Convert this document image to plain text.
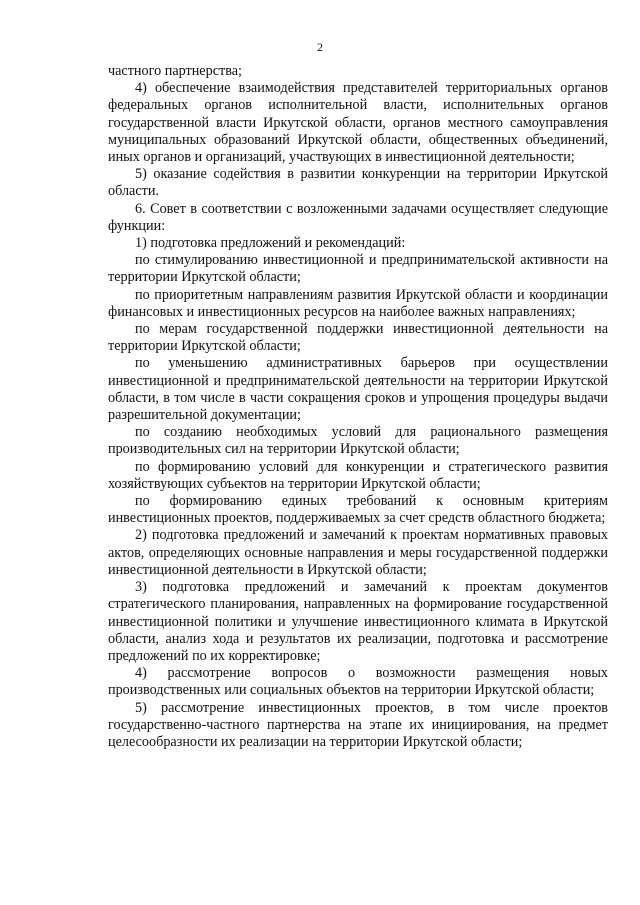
2

частного партнерства;

4) обеспечение взаимодействия представителей территориальных органов федеральных органов исполнительной власти, исполнительных органов государственной власти Иркутской области, органов местного самоуправления муниципальных образований Иркутской области, общественных объединений, иных органов и организаций, участвующих в инвестиционной деятельности;

5) оказание содействия в развитии конкуренции на территории Иркутской области.

6. Совет в соответствии с возложенными задачами осуществляет следующие функции:

1) подготовка предложений и рекомендаций:

по стимулированию инвестиционной и предпринимательской активности на территории Иркутской области;

по приоритетным направлениям развития Иркутской области и координации финансовых и инвестиционных ресурсов на наиболее важных направлениях;

по мерам государственной поддержки инвестиционной деятельности на территории Иркутской области;

по уменьшению административных барьеров при осуществлении инвестиционной и предпринимательской деятельности на территории Иркутской области, в том числе в части сокращения сроков и упрощения процедуры выдачи разрешительной документации;

по созданию необходимых условий для рационального размещения производительных сил на территории Иркутской области;

по формированию условий для конкуренции и стратегического развития хозяйствующих субъектов на территории Иркутской области;

по формированию единых требований к основным критериям инвестиционных проектов, поддерживаемых за счет средств областного бюджета;

2) подготовка предложений и замечаний к проектам нормативных правовых актов, определяющих основные направления и меры государственной поддержки инвестиционной деятельности в Иркутской области;

3) подготовка предложений и замечаний к проектам документов стратегического планирования, направленных на формирование государственной инвестиционной политики и улучшение инвестиционного климата в Иркутской области, анализ хода и результатов их реализации, подготовка и рассмотрение предложений по их корректировке;

4) рассмотрение вопросов о возможности размещения новых производственных или социальных объектов на территории Иркутской области;

5) рассмотрение инвестиционных проектов, в том числе проектов государственно-частного партнерства на этапе их инициирования, на предмет целесообразности их реализации на территории Иркутской области;
